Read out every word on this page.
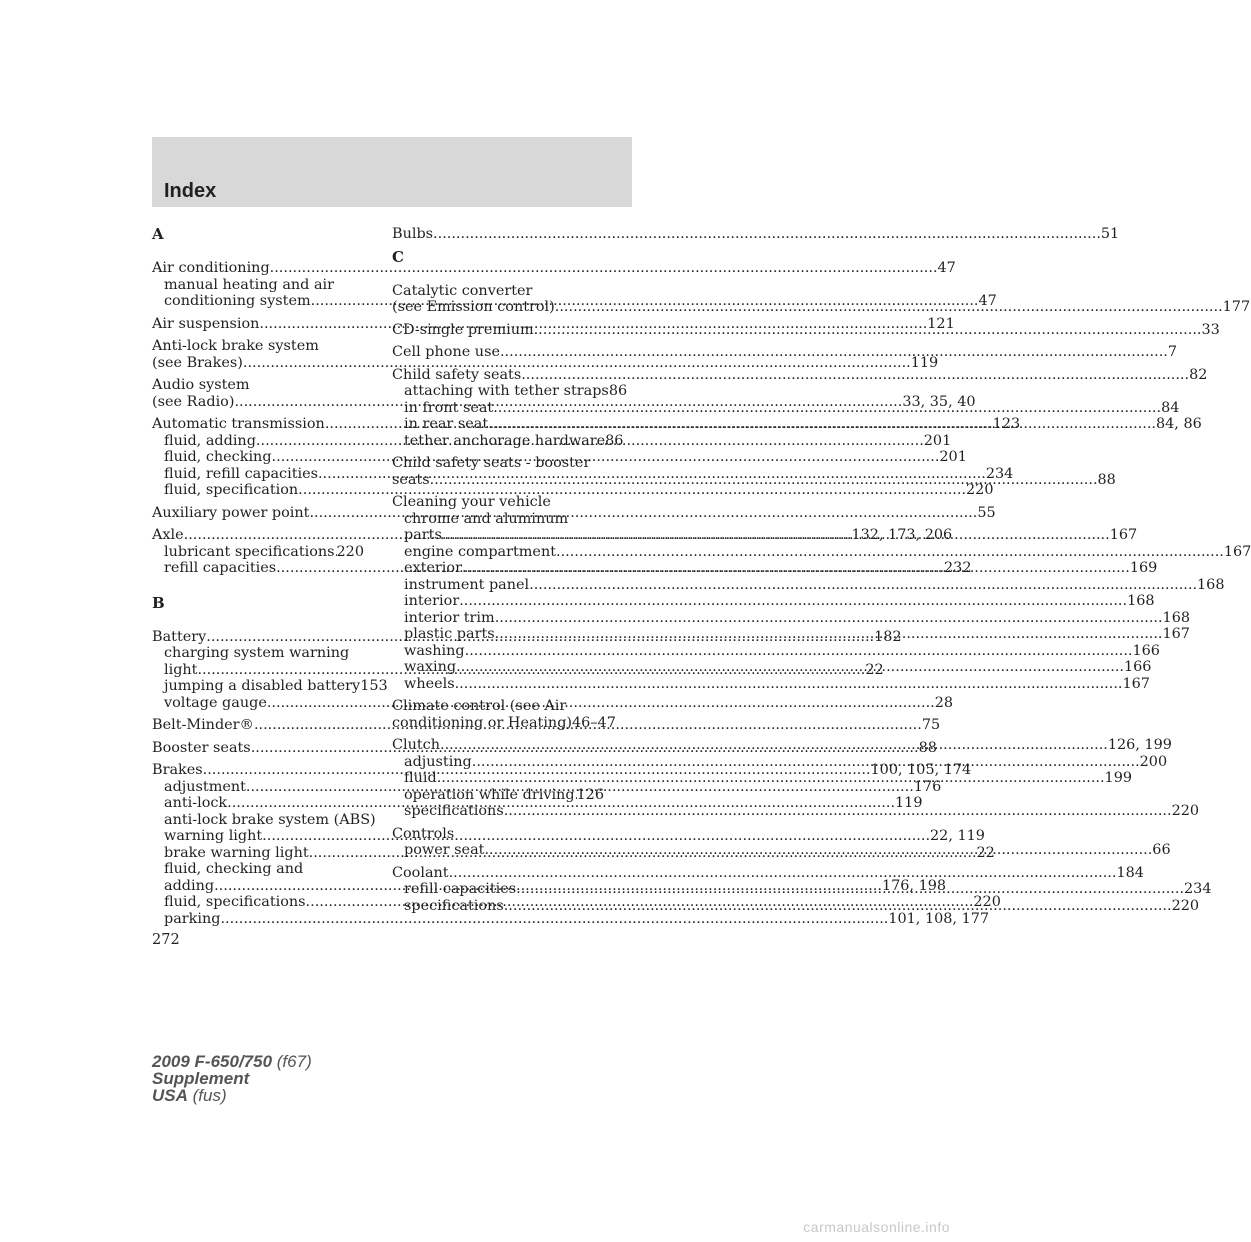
Index
A
Air conditioning .....	47
manual heating and air
conditioning system .....	47
Air suspension .....	121
Anti-lock brake system
(see Brakes) .....	119
Audio system
(see Radio) .....	33, 35, 40
Automatic transmission .....	123
fluid, adding .....	201
fluid, checking .....	201
fluid, refill capacities .....	234
fluid, specification .....	220
Auxiliary power point .....	55
Axle .....	132, 173, 206
lubricant specifications ..... 220
refill capacities .....	232
B
Battery .....	182
charging system warning
light .....	22
jumping a disabled battery 153
voltage gauge .....	28
Belt-Minder® .....	75
Booster seats .....	88
Brakes .....	100, 105, 174
adjustment .....	176
anti-lock .....	119
anti-lock brake system (ABS)
warning light .....	22, 119
brake warning light .....	22
fluid, checking and
adding .....	176, 198
fluid, specifications .....	220
parking .....	101, 108, 177
Bulbs .....	51
C
Catalytic converter
(see Emission control) .....	177
CD-single premium .....	33
Cell phone use .....	7
Child safety seats .....	82
attaching with tether straps 86
in front seat .....	84
in rear seat .....	84, 86
tether anchorage hardware 86
Child safety seats - booster
seats .....	88
Cleaning your vehicle
chrome and aluminum
parts .....	167
engine compartment .....	167
exterior .....	169
instrument panel .....	168
interior .....	168
interior trim .....	168
plastic parts .....	167
washing .....	166
waxing .....	166
wheels .....	167
Climate control (see Air
conditioning or Heating) 46–47
Clutch .....	126, 199
adjusting .....	200
fluid .....	199
operation while driving ..... 126
specifications .....	220
Controls
power seat .....	66
Coolant .....	184
refill capacities .....	234
specifications .....	220
272
2009 F-650/750 (f67)
Supplement
USA (fus)
carmanualsonline.info
